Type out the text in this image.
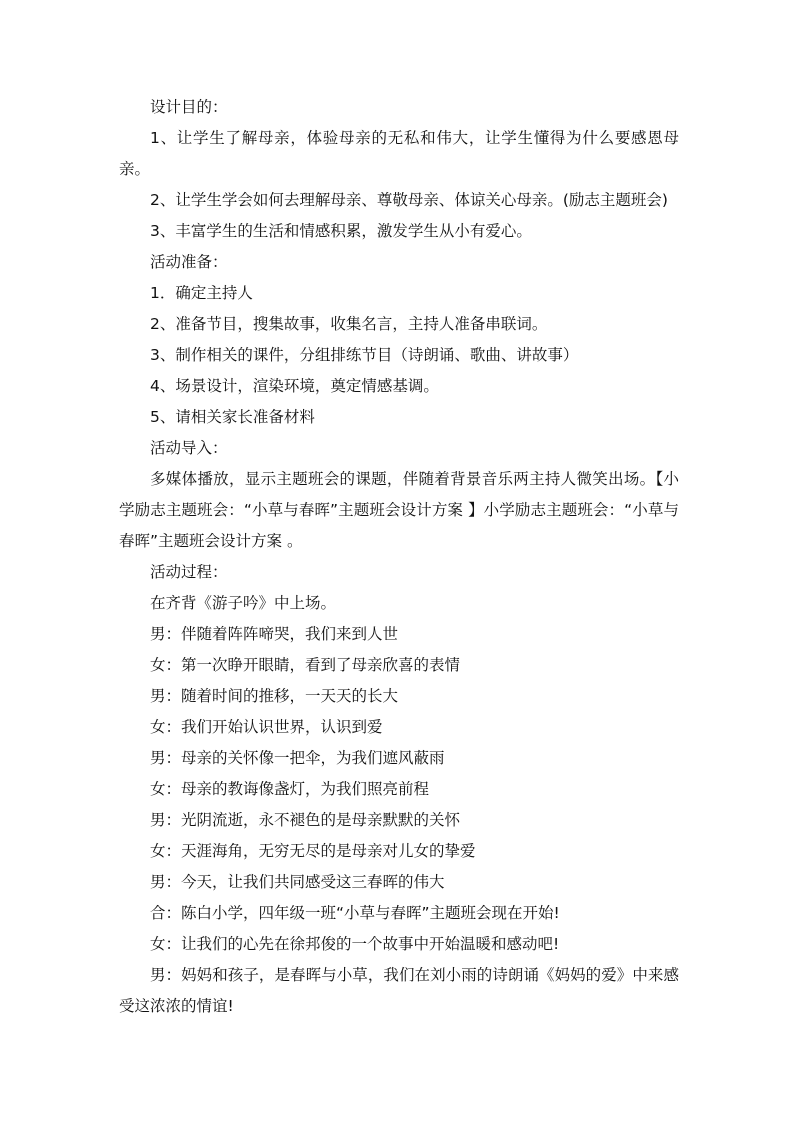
设计目的：

1、让学生了解母亲，体验母亲的无私和伟大，让学生懂得为什么要感恩母亲。

2、让学生学会如何去理解母亲、尊敬母亲、体谅关心母亲。(励志主题班会)

3、丰富学生的生活和情感积累，激发学生从小有爱心。

活动准备：

1．确定主持人

2、准备节目，搜集故事，收集名言，主持人准备串联词。

3、制作相关的课件，分组排练节目（诗朗诵、歌曲、讲故事）

4、场景设计，渲染环境，奠定情感基调。

5、请相关家长准备材料

活动导入：

多媒体播放，显示主题班会的课题，伴随着背景音乐两主持人微笑出场。【小学励志主题班会：“小草与春晖”主题班会设计方案 】小学励志主题班会：“小草与春晖”主题班会设计方案 。

活动过程：

在齐背《游子吟》中上场。

男：伴随着阵阵啼哭，我们来到人世

女：第一次睁开眼睛，看到了母亲欣喜的表情

男：随着时间的推移，一天天的长大

女：我们开始认识世界，认识到爱

男：母亲的关怀像一把伞，为我们遮风蔽雨

女：母亲的教诲像盏灯，为我们照亮前程

男：光阴流逝，永不褪色的是母亲默默的关怀

女：天涯海角，无穷无尽的是母亲对儿女的挚爱

男：今天，让我们共同感受这三春晖的伟大

合：陈白小学，四年级一班“小草与春晖”主题班会现在开始!

女：让我们的心先在徐邦俊的一个故事中开始温暖和感动吧!

男：妈妈和孩子，是春晖与小草，我们在刘小雨的诗朗诵《妈妈的爱》中来感受这浓浓的情谊!
